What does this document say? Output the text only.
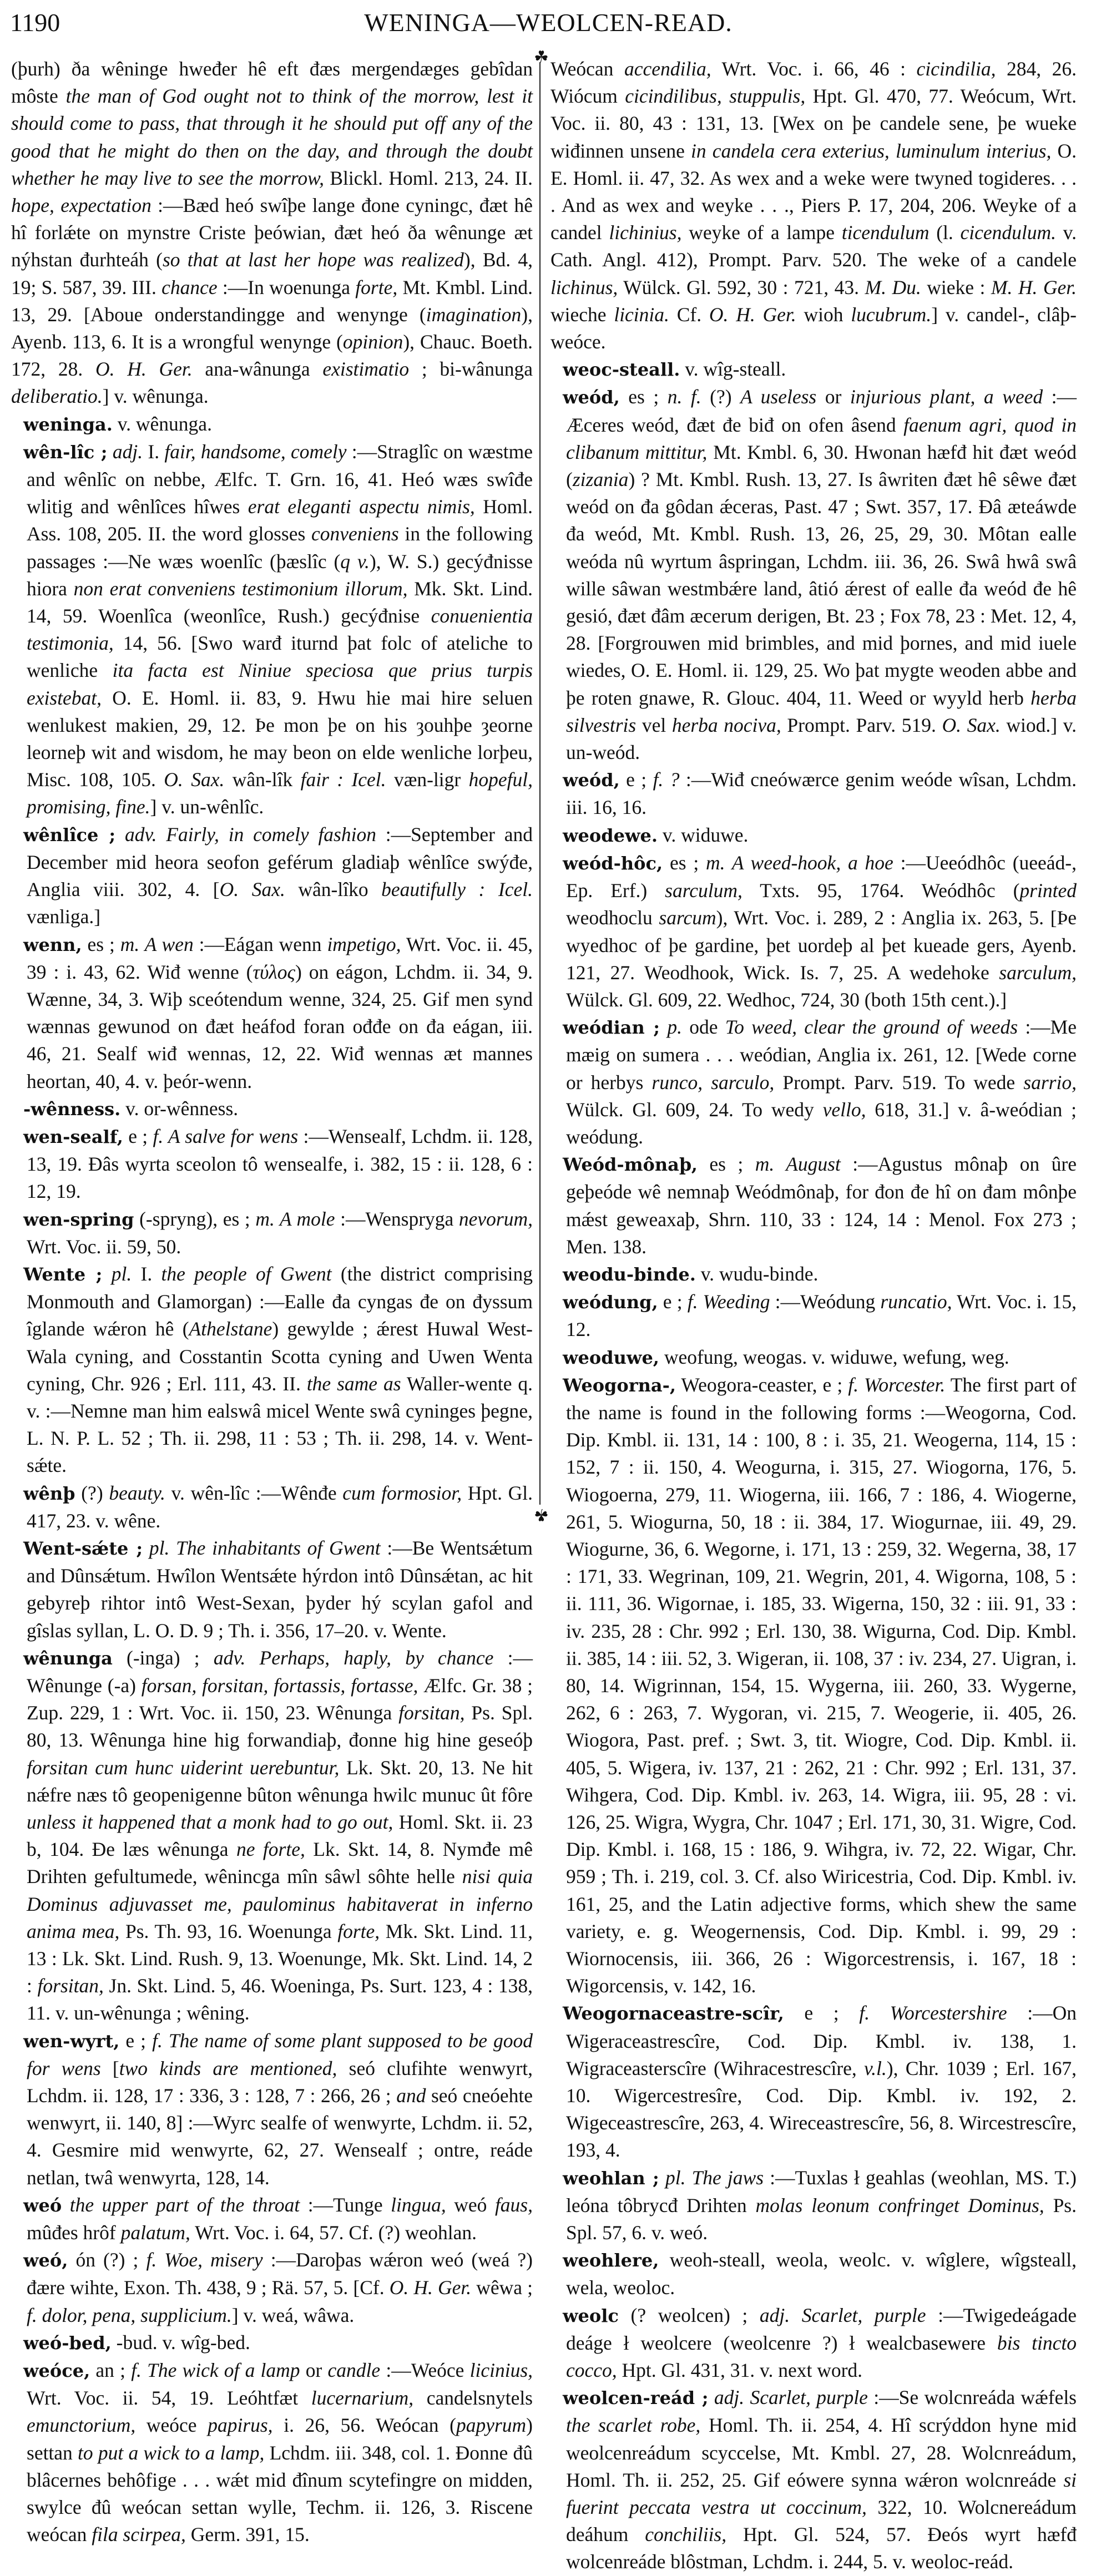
1190	WENINGA—WEOLCEN-READ.
☘
☘

(þurh) ða wêninge hweđer hê eft đæs mergendæges gebîdan môste the man of God ought not to think of the morrow, lest it should come to pass, that through it he should put off any of the good that he might do then on the day, and through the doubt whether he may live to see the morrow, Blickl. Homl. 213, 24. II. hope, expectation :—Bæd heó swîþe lange đone cyningc, đæt hê hî forlǽte on mynstre Criste þeówian, đæt heó ða wênunge æt nýhstan đurhteáh (so that at last her hope was realized), Bd. 4, 19; S. 587, 39. III. chance :—In woenunga forte, Mt. Kmbl. Lind. 13, 29. [Aboue onderstandingge and wenynge (imagination), Ayenb. 113, 6. It is a wrongful wenynge (opinion), Chauc. Boeth. 172, 28. O. H. Ger. ana-wânunga existimatio ; bi-wânunga deliberatio.] v. wênunga.

weninga. v. wênunga.

wên-lîc ; adj. I. fair, handsome, comely :—Straglîc on wæstme and wênlîc on nebbe, Ælfc. T. Grn. 16, 41. Heó wæs swîđe wlitig and wênlîces hîwes erat eleganti aspectu nimis, Homl. Ass. 108, 205. II. the word glosses conveniens in the following passages :—Ne wæs woenlîc (þæslîc (q v.), W. S.) gecýđnisse hiora non erat conveniens testimonium illorum, Mk. Skt. Lind. 14, 59. Woenlîca (weonlîce, Rush.) gecýđnise conuenientia testimonia, 14, 56. [Swo warđ iturnd þat folc of ateliche to wenliche ita facta est Niniue speciosa que prius turpis existebat, O. E. Homl. ii. 83, 9. Hwu hie mai hire seluen wenlukest makien, 29, 12. Þe mon þe on his ȝouhþe ȝeorne leorneþ wit and wisdom, he may beon on elde wenliche lorþeu, Misc. 108, 105. O. Sax. wân-lîk fair : Icel. væn-ligr hopeful, promising, fine.] v. un-wênlîc.

wênlîce ; adv. Fairly, in comely fashion :—September and December mid heora seofon geférum gladiaþ wênlîce swýđe, Anglia viii. 302, 4. [O. Sax. wân-lîko beautifully : Icel. vænliga.]

wenn, es ; m. A wen :—Eágan wenn impetigo, Wrt. Voc. ii. 45, 39 : i. 43, 62. Wiđ wenne (τύλος) on eágon, Lchdm. ii. 34, 9. Wænne, 34, 3. Wiþ sceótendum wenne, 324, 25. Gif men synd wænnas gewunod on đæt heáfod foran ođđe on đa eágan, iii. 46, 21. Sealf wiđ wennas, 12, 22. Wiđ wennas æt mannes heortan, 40, 4. v. þeór-wenn.

-wênness. v. or-wênness.

wen-sealf, e ; f. A salve for wens :—Wensealf, Lchdm. ii. 128, 13, 19. Đâs wyrta sceolon tô wensealfe, i. 382, 15 : ii. 128, 6 : 12, 19.

wen-spring (-spryng), es ; m. A mole :—Wenspryga nevorum, Wrt. Voc. ii. 59, 50.

Wente ; pl. I. the people of Gwent (the district comprising Monmouth and Glamorgan) :—Ealle đa cyngas đe on đyssum îglande wǽron hê (Athelstane) gewylde ; ǽrest Huwal West-Wala cyning, and Cosstantin Scotta cyning and Uwen Wenta cyning, Chr. 926 ; Erl. 111, 43. II. the same as Waller-wente q. v. :—Nemne man him ealswâ micel Wente swâ cyninges þegne, L. N. P. L. 52 ; Th. ii. 298, 11 : 53 ; Th. ii. 298, 14. v. Went-sǽte.

wênþ (?) beauty. v. wên-lîc :—Wênđe cum formosior, Hpt. Gl. 417, 23. v. wêne.

Went-sǽte ; pl. The inhabitants of Gwent :—Be Wentsǽtum and Dûnsǽtum. Hwîlon Wentsǽte hýrdon intô Dûnsǽtan, ac hit gebyreþ rihtor intô West-Sexan, þyder hý scylan gafol and gîslas syllan, L. O. D. 9 ; Th. i. 356, 17–20. v. Wente.

wênunga (-inga) ; adv. Perhaps, haply, by chance :—Wênunge (-a) forsan, forsitan, fortassis, fortasse, Ælfc. Gr. 38 ; Zup. 229, 1 : Wrt. Voc. ii. 150, 23. Wênunga forsitan, Ps. Spl. 80, 13. Wênunga hine hig forwandiaþ, đonne hig hine geseóþ forsitan cum hunc uiderint uerebuntur, Lk. Skt. 20, 13. Ne hit nǽfre næs tô geopenigenne bûton wênunga hwilc munuc ût fôre unless it happened that a monk had to go out, Homl. Skt. ii. 23 b, 104. Đe læs wênunga ne forte, Lk. Skt. 14, 8. Nymđe mê Drihten gefultumede, wênincga mîn sâwl sôhte helle nisi quia Dominus adjuvasset me, paulominus habitaverat in inferno anima mea, Ps. Th. 93, 16. Woenunga forte, Mk. Skt. Lind. 11, 13 : Lk. Skt. Lind. Rush. 9, 13. Woenunge, Mk. Skt. Lind. 14, 2 : forsitan, Jn. Skt. Lind. 5, 46. Woeninga, Ps. Surt. 123, 4 : 138, 11. v. un-wênunga ; wêning.

wen-wyrt, e ; f. The name of some plant supposed to be good for wens [two kinds are mentioned, seó clufihte wenwyrt, Lchdm. ii. 128, 17 : 336, 3 : 128, 7 : 266, 26 ; and seó cneóehte wenwyrt, ii. 140, 8] :—Wyrc sealfe of wenwyrte, Lchdm. ii. 52, 4. Gesmire mid wenwyrte, 62, 27. Wensealf ; ontre, reáde netlan, twâ wenwyrta, 128, 14.

weó the upper part of the throat :—Tunge lingua, weó faus, mûđes hrôf palatum, Wrt. Voc. i. 64, 57. Cf. (?) weohlan.

weó, ón (?) ; f. Woe, misery :—Daroþas wǽron weó (weá ?) đære wihte, Exon. Th. 438, 9 ; Rä. 57, 5. [Cf. O. H. Ger. wêwa ; f. dolor, pena, supplicium.] v. weá, wâwa.

weó-bed, -bud. v. wîg-bed.

weóce, an ; f. The wick of a lamp or candle :—Weóce licinius, Wrt. Voc. ii. 54, 19. Leóhtfæt lucernarium, candelsnytels emunctorium, weóce papirus, i. 26, 56. Weócan (papyrum) settan to put a wick to a lamp, Lchdm. iii. 348, col. 1. Đonne đû blâcernes behôfige . . . wǽt mid đînum scytefingre on midden, swylce đû weócan settan wylle, Techm. ii. 126, 3. Riscene weócan fila scirpea, Germ. 391, 15.

Weócan accendilia, Wrt. Voc. i. 66, 46 : cicindilia, 284, 26. Wiócum cicindilibus, stuppulis, Hpt. Gl. 470, 77. Weócum, Wrt. Voc. ii. 80, 43 : 131, 13. [Wex on þe candele sene, þe wueke wiđinnen unsene in candela cera exterius, luminulum interius, O. E. Homl. ii. 47, 32. As wex and a weke were twyned togideres. . . . And as wex and weyke . . ., Piers P. 17, 204, 206. Weyke of a candel lichinius, weyke of a lampe ticendulum (l. cicendulum. v. Cath. Angl. 412), Prompt. Parv. 520. The weke of a candele lichinus, Wülck. Gl. 592, 30 : 721, 43. M. Du. wieke : M. H. Ger. wieche licinia. Cf. O. H. Ger. wioh lucubrum.] v. candel-, clâþ-weóce.

weoc-steall. v. wîg-steall.

weód, es ; n. f. (?) A useless or injurious plant, a weed :—Æceres weód, đæt đe biđ on ofen âsend faenum agri, quod in clibanum mittitur, Mt. Kmbl. 6, 30. Hwonan hæfđ hit đæt weód (zizania) ? Mt. Kmbl. Rush. 13, 27. Is âwriten đæt hê sêwe đæt weód on đa gôdan ǽceras, Past. 47 ; Swt. 357, 17. Đâ æteáwde đa weód, Mt. Kmbl. Rush. 13, 26, 25, 29, 30. Môtan ealle weóda nû wyrtum âspringan, Lchdm. iii. 36, 26. Swâ hwâ swâ wille sâwan westmbǽre land, âtió ǽrest of ealle đa weód đe hê gesió, đæt đâm æcerum derigen, Bt. 23 ; Fox 78, 23 : Met. 12, 4, 28. [Forgrouwen mid brimbles, and mid þornes, and mid iuele wiedes, O. E. Homl. ii. 129, 25. Wo þat mygte weoden abbe and þe roten gnawe, R. Glouc. 404, 11. Weed or wyyld herb herba silvestris vel herba nociva, Prompt. Parv. 519. O. Sax. wiod.] v. un-weód.

weód, e ; f. ? :—Wiđ cneówærce genim weóde wîsan, Lchdm. iii. 16, 16.

weodewe. v. widuwe.

weód-hôc, es ; m. A weed-hook, a hoe :—Ueeódhôc (ueeád-, Ep. Erf.) sarculum, Txts. 95, 1764. Weódhôc (printed weodhoclu sarcum), Wrt. Voc. i. 289, 2 : Anglia ix. 263, 5. [Þe wyedhoc of þe gardine, þet uordeþ al þet kueade gers, Ayenb. 121, 27. Weodhook, Wick. Is. 7, 25. A wedehoke sarculum, Wülck. Gl. 609, 22. Wedhoc, 724, 30 (both 15th cent.).]

weódian ; p. ode To weed, clear the ground of weeds :—Me mæig on sumera . . . weódian, Anglia ix. 261, 12. [Wede corne or herbys runco, sarculo, Prompt. Parv. 519. To wede sarrio, Wülck. Gl. 609, 24. To wedy vello, 618, 31.] v. â-weódian ; weódung.

Weód-mônaþ, es ; m. August :—Agustus mônaþ on ûre geþeóde wê nemnaþ Weódmônaþ, for đon đe hî on đam mônþe mǽst geweaxaþ, Shrn. 110, 33 : 124, 14 : Menol. Fox 273 ; Men. 138.

weodu-binde. v. wudu-binde.

weódung, e ; f. Weeding :—Weódung runcatio, Wrt. Voc. i. 15, 12.

weoduwe, weofung, weogas. v. widuwe, wefung, weg.

Weogorna-, Weogora-ceaster, e ; f. Worcester. The first part of the name is found in the following forms :—Weogorna, Cod. Dip. Kmbl. ii. 131, 14 : 100, 8 : i. 35, 21. Weogerna, 114, 15 : 152, 7 : ii. 150, 4. Weogurna, i. 315, 27. Wiogorna, 176, 5. Wiogoerna, 279, 11. Wiogerna, iii. 166, 7 : 186, 4. Wiogerne, 261, 5. Wiogurna, 50, 18 : ii. 384, 17. Wiogurnae, iii. 49, 29. Wiogurne, 36, 6. Wegorne, i. 171, 13 : 259, 32. Wegerna, 38, 17 : 171, 33. Wegrinan, 109, 21. Wegrin, 201, 4. Wigorna, 108, 5 : ii. 111, 36. Wigornae, i. 185, 33. Wigerna, 150, 32 : iii. 91, 33 : iv. 235, 28 : Chr. 992 ; Erl. 130, 38. Wigurna, Cod. Dip. Kmbl. ii. 385, 14 : iii. 52, 3. Wigeran, ii. 108, 37 : iv. 234, 27. Uigran, i. 80, 14. Wigrinnan, 154, 15. Wygerna, iii. 260, 33. Wygerne, 262, 6 : 263, 7. Wygoran, vi. 215, 7. Weogerie, ii. 405, 26. Wiogora, Past. pref. ; Swt. 3, tit. Wiogre, Cod. Dip. Kmbl. ii. 405, 5. Wigera, iv. 137, 21 : 262, 21 : Chr. 992 ; Erl. 131, 37. Wihgera, Cod. Dip. Kmbl. iv. 263, 14. Wigra, iii. 95, 28 : vi. 126, 25. Wigra, Wygra, Chr. 1047 ; Erl. 171, 30, 31. Wigre, Cod. Dip. Kmbl. i. 168, 15 : 186, 9. Wihgra, iv. 72, 22. Wigar, Chr. 959 ; Th. i. 219, col. 3. Cf. also Wiricestria, Cod. Dip. Kmbl. iv. 161, 25, and the Latin adjective forms, which shew the same variety, e. g. Weogernensis, Cod. Dip. Kmbl. i. 99, 29 : Wiornocensis, iii. 366, 26 : Wigorcestrensis, i. 167, 18 : Wigorcensis, v. 142, 16.

Weogornaceastre-scîr, e ; f. Worcestershire :—On Wigeraceastrescîre, Cod. Dip. Kmbl. iv. 138, 1. Wigraceasterscîre (Wihracestrescîre, v.l.), Chr. 1039 ; Erl. 167, 10. Wigercestresîre, Cod. Dip. Kmbl. iv. 192, 2. Wigeceastrescîre, 263, 4. Wireceastrescîre, 56, 8. Wircestrescîre, 193, 4.

weohlan ; pl. The jaws :—Tuxlas ł geahlas (weohlan, MS. T.) leóna tôbrycđ Drihten molas leonum confringet Dominus, Ps. Spl. 57, 6. v. weó.

weohlere, weoh-steall, weola, weolc. v. wîglere, wîgsteall, wela, weoloc.

weolc (? weolcen) ; adj. Scarlet, purple :—Twigedeágade deáge ł weolcere (weolcenre ?) ł wealcbasewere bis tincto cocco, Hpt. Gl. 431, 31. v. next word.

weolcen-reád ; adj. Scarlet, purple :—Se wolcnreáda wǽfels the scarlet robe, Homl. Th. ii. 254, 4. Hî scrýddon hyne mid weolcenreádum scyccelse, Mt. Kmbl. 27, 28. Wolcnreádum, Homl. Th. ii. 252, 25. Gif eówere synna wǽron wolcnreáde si fuerint peccata vestra ut coccinum, 322, 10. Wolcnereádum deáhum conchiliis, Hpt. Gl. 524, 57. Đeós wyrt hæfđ wolcenreáde blôstman, Lchdm. i. 244, 5. v. weoloc-reád.
